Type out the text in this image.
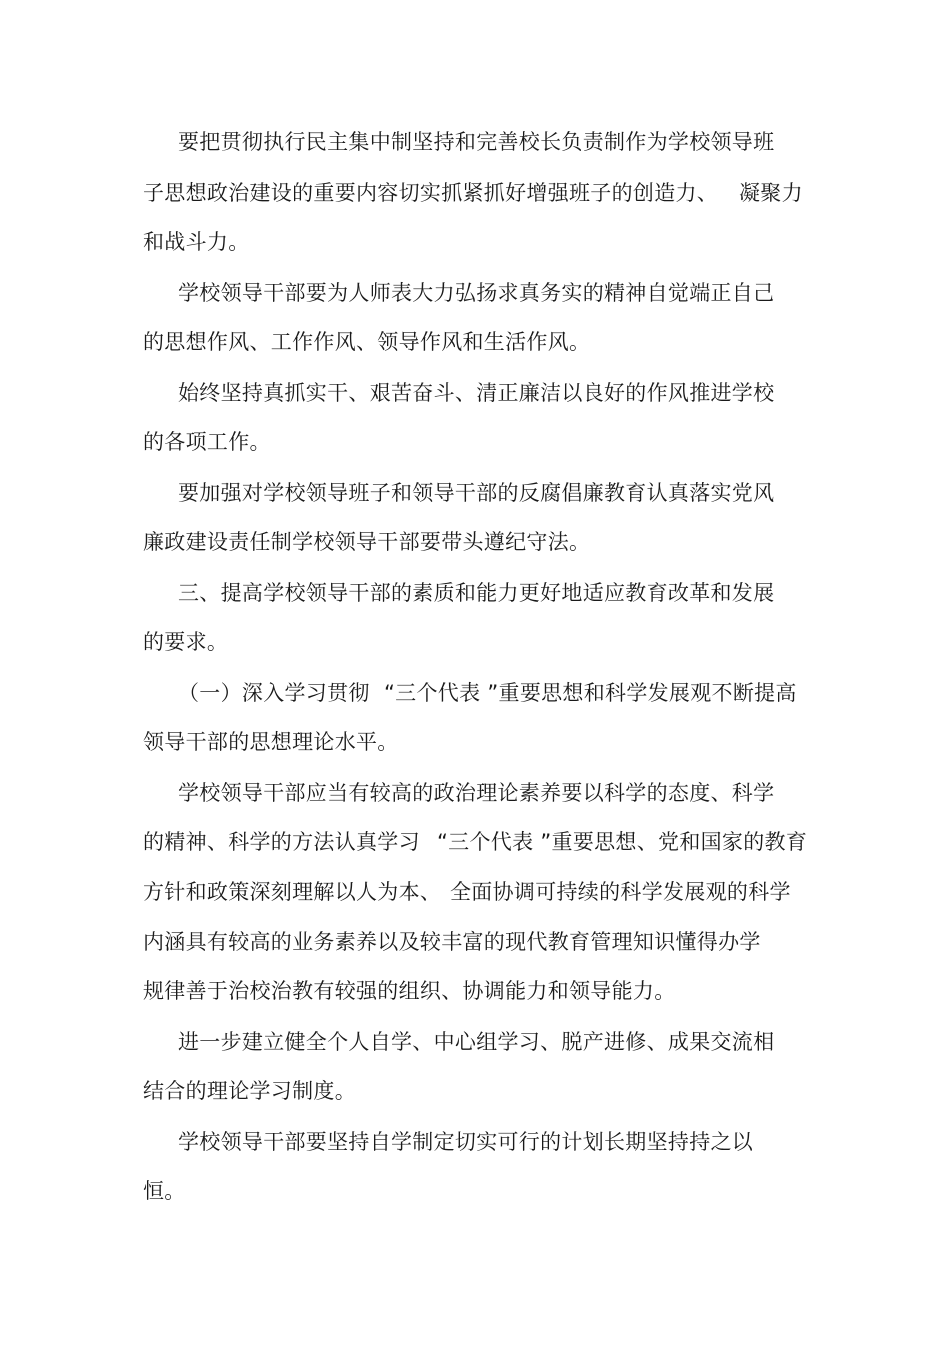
要把贯彻执行民主集中制坚持和完善校长负责制作为学校领导班
子思想政治建设的重要内容切实抓紧抓好增强班子的创造力、 凝聚力
和战斗力。
学校领导干部要为人师表大力弘扬求真务实的精神自觉端正自己
的思想作风、工作作风、领导作风和生活作风。
始终坚持真抓实干、艰苦奋斗、清正廉洁以良好的作风推进学校
的各项工作。
要加强对学校领导班子和领导干部的反腐倡廉教育认真落实党风
廉政建设责任制学校领导干部要带头遵纪守法。
三、提高学校领导干部的素质和能力更好地适应教育改革和发展
的要求。
（一）深入学习贯彻 “三个代表 ”重要思想和科学发展观不断提高
领导干部的思想理论水平。
学校领导干部应当有较高的政治理论素养要以科学的态度、科学
的精神、科学的方法认真学习 “三个代表 ”重要思想、党和国家的教育
方针和政策深刻理解以人为本、 全面协调可持续的科学发展观的科学
内涵具有较高的业务素养以及较丰富的现代教育管理知识懂得办学
规律善于治校治教有较强的组织、协调能力和领导能力。
进一步建立健全个人自学、中心组学习、脱产进修、成果交流相
结合的理论学习制度。
学校领导干部要坚持自学制定切实可行的计划长期坚持持之以
恒。
